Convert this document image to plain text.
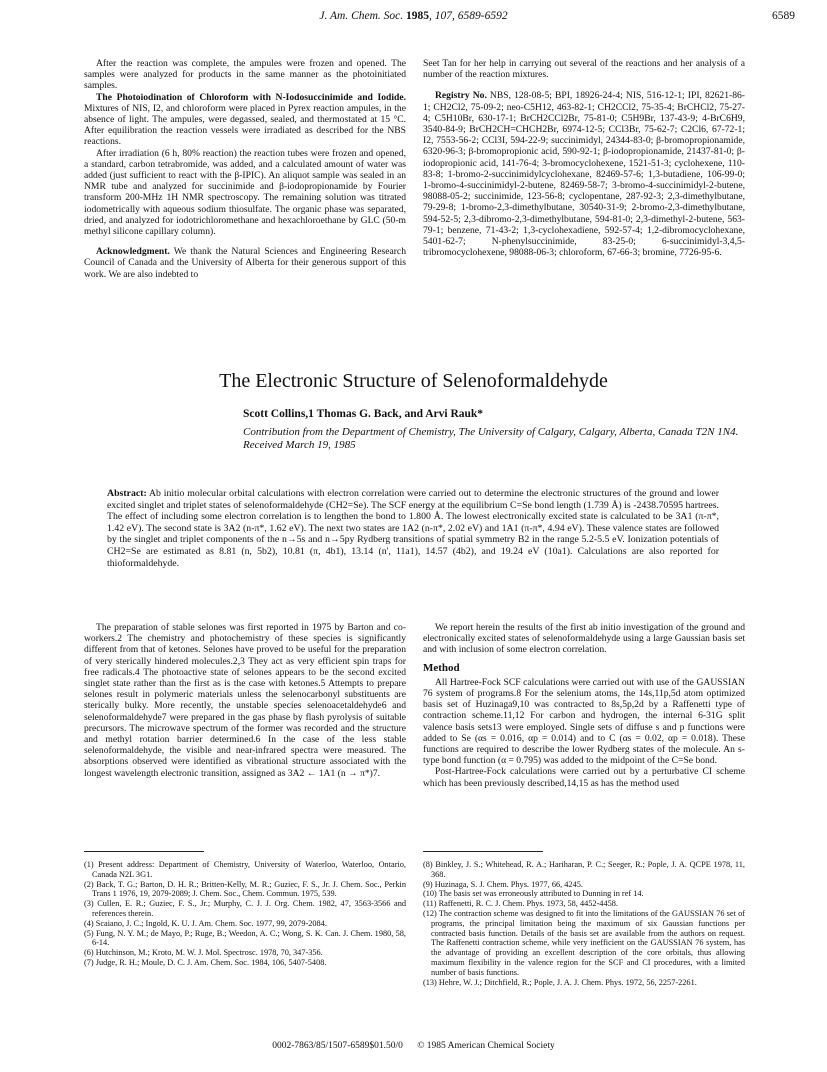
J. Am. Chem. Soc. 1985, 107, 6589-6592	6589

After the reaction was complete, the ampules were frozen and opened. The samples were analyzed for products in the same manner as the photoinitiated samples.

The Photoiodination of Chloroform with N-Iodosuccinimide and Iodide. Mixtures of NIS, I2, and chloroform were placed in Pyrex reaction ampules, in the absence of light. The ampules, were degassed, sealed, and thermostated at 15 °C. After equilibration the reaction vessels were irradiated as described for the NBS reactions.

After irradiation (6 h, 80% reaction) the reaction tubes were frozen and opened, a standard, carbon tetrabromide, was added, and a calculated amount of water was added (just sufficient to react with the β-IPIC). An aliquot sample was sealed in an NMR tube and analyzed for succinimide and β-iodopropionamide by Fourier transform 200-MHz 1H NMR spectroscopy. The remaining solution was titrated iodometrically with aqueous sodium thiosulfate. The organic phase was separated, dried, and analyzed for iodotrichloromethane and hexachloroethane by GLC (50-m methyl silicone capillary column).

Acknowledgment. We thank the Natural Sciences and Engineering Research Council of Canada and the University of Alberta for their generous support of this work. We are also indebted to

Seet Tan for her help in carrying out several of the reactions and her analysis of a number of the reaction mixtures.

Registry No. NBS, 128-08-5; BPI, 18926-24-4; NIS, 516-12-1; IPI, 82621-86-1; CH2Cl2, 75-09-2; neo-C5H12, 463-82-1; CH2CCl2, 75-35-4; BrCHCl2, 75-27-4; C5H10Br, 630-17-1; BrCH2CCl2Br, 75-81-0; C5H9Br, 137-43-9; 4-BrC6H9, 3540-84-9; BrCH2CH=CHCH2Br, 6974-12-5; CCl3Br, 75-62-7; C2Cl6, 67-72-1; I2, 7553-56-2; CCl3I, 594-22-9; succinimidyl, 24344-83-0; β-bromopropionamide, 6320-96-3; β-bromopropionic acid, 590-92-1; β-iodopropionamide, 21437-81-0; β-iodopropionic acid, 141-76-4; 3-bromocyclohexene, 1521-51-3; cyclohexene, 110-83-8; 1-bromo-2-succinimidylcyclohexane, 82469-57-6; 1,3-butadiene, 106-99-0; 1-bromo-4-succinimidyl-2-butene, 82469-58-7; 3-bromo-4-succinimidyl-2-butene, 98088-05-2; succinimide, 123-56-8; cyclopentane, 287-92-3; 2,3-dimethylbutane, 79-29-8; 1-bromo-2,3-dimethylbutane, 30540-31-9; 2-bromo-2,3-dimethylbutane, 594-52-5; 2,3-dibromo-2,3-dimethylbutane, 594-81-0; 2,3-dimethyl-2-butene, 563-79-1; benzene, 71-43-2; 1,3-cyclohexadiene, 592-57-4; 1,2-dibromocyclohexane, 5401-62-7; N-phenylsuccinimide, 83-25-0; 6-succinimidyl-3,4,5-tribromocyclohexene, 98088-06-3; chloroform, 67-66-3; bromine, 7726-95-6.

The Electronic Structure of Selenoformaldehyde
Scott Collins,1 Thomas G. Back, and Arvi Rauk*
Contribution from the Department of Chemistry, The University of Calgary, Calgary, Alberta, Canada T2N 1N4. Received March 19, 1985
Abstract: Ab initio molecular orbital calculations with electron correlation were carried out to determine the electronic structures of the ground and lower excited singlet and triplet states of selenoformaldehyde (CH2=Se). The SCF energy at the equilibrium C=Se bond length (1.739 Å) is -2438.70595 hartrees. The effect of including some electron correlation is to lengthen the bond to 1.800 Å. The lowest electronically excited state is calculated to be 3A1 (π-π*, 1.42 eV). The second state is 3A2 (n-π*, 1.62 eV). The next two states are 1A2 (n-π*, 2.02 eV) and 1A1 (π-π*, 4.94 eV). These valence states are followed by the singlet and triplet components of the n→5s and n→5py Rydberg transitions of spatial symmetry B2 in the range 5.2-5.5 eV. Ionization potentials of CH2=Se are estimated as 8.81 (n, 5b2), 10.81 (π, 4b1), 13.14 (n', 11a1), 14.57 (4b2), and 19.24 eV (10a1). Calculations are also reported for thioformaldehyde.

The preparation of stable selones was first reported in 1975 by Barton and co-workers.2 The chemistry and photochemistry of these species is significantly different from that of ketones. Selones have proved to be useful for the preparation of very sterically hindered molecules.2,3 They act as very efficient spin traps for free radicals.4 The photoactive state of selones appears to be the second excited singlet state rather than the first as is the case with ketones.5 Attempts to prepare selones result in polymeric materials unless the selenocarbonyl substituents are sterically bulky. More recently, the unstable species selenoacetaldehyde6 and selenoformaldehyde7 were prepared in the gas phase by flash pyrolysis of suitable precursors. The microwave spectrum of the former was recorded and the structure and methyl rotation barrier determined.6 In the case of the less stable selenoformaldehyde, the visible and near-infrared spectra were measured. The absorptions observed were identified as vibrational structure associated with the longest wavelength electronic transition, assigned as 3A2 ← 1A1 (n → π*)7.

We report herein the results of the first ab initio investigation of the ground and electronically excited states of selenoformaldehyde using a large Gaussian basis set and with inclusion of some electron correlation.

Method

All Hartree-Fock SCF calculations were carried out with use of the GAUSSIAN 76 system of programs.8 For the selenium atoms, the 14s,11p,5d atom optimized basis set of Huzinaga9,10 was contracted to 8s,5p,2d by a Raffenetti type of contraction scheme.11,12 For carbon and hydrogen, the internal 6-31G split valence basis sets13 were employed. Single sets of diffuse s and p functions were added to Se (αs = 0.016, αp = 0.014) and to C (αs = 0.02, αp = 0.018). These functions are required to describe the lower Rydberg states of the molecule. An s-type bond function (α = 0.795) was added to the midpoint of the C=Se bond.

Post-Hartree-Fock calculations were carried out by a perturbative CI scheme which has been previously described,14,15 as has the method used

(1) Present address: Department of Chemistry, University of Waterloo, Waterloo, Ontario, Canada N2L 3G1.
(2) Back, T. G.; Barton, D. H. R.; Britten-Kelly, M. R.; Guziec, F. S., Jr. J. Chem. Soc., Perkin Trans 1 1976, 19, 2079-2089; J. Chem. Soc., Chem. Commun. 1975, 539.
(3) Cullen, E. R.; Guziec, F. S., Jr.; Murphy, C. J. J. Org. Chem. 1982, 47, 3563-3566 and references therein.
(4) Scaiano, J. C.; Ingold, K. U. J. Am. Chem. Soc. 1977, 99, 2079-2084.
(5) Fung, N. Y. M.; de Mayo, P.; Ruge, B.; Weedon, A. C.; Wong, S. K. Can. J. Chem. 1980, 58, 6-14.
(6) Hutchinson, M.; Kroto, M. W. J. Mol. Spectrosc. 1978, 70, 347-356.
(7) Judge, R. H.; Moule, D. C. J. Am. Chem. Soc. 1984, 106, 5407-5408.
(8) Binkley, J. S.; Whitehead, R. A.; Hariharan, P. C.; Seeger, R.; Pople, J. A. QCPE 1978, 11, 368.
(9) Huzinaga, S. J. Chem. Phys. 1977, 66, 4245.
(10) The basis set was erroneously attributed to Dunning in ref 14.
(11) Raffenetti, R. C. J. Chem. Phys. 1973, 58, 4452-4458.
(12) The contraction scheme was designed to fit into the limitations of the GAUSSIAN 76 set of programs, the principal limitation being the maximum of six Gaussian functions per contracted basis function. Details of the basis set are available from the authors on request. The Raffenetti contraction scheme, while very inefficient on the GAUSSIAN 76 system, has the advantage of providing an excellent description of the core orbitals, thus allowing maximum flexibility in the valence region for the SCF and CI procedures, with a limited number of basis functions.
(13) Hehre, W. J.; Ditchfield, R.; Pople, J. A. J. Chem. Phys. 1972, 56, 2257-2261.
0002-7863/85/1507-6589$01.50/0 © 1985 American Chemical Society
